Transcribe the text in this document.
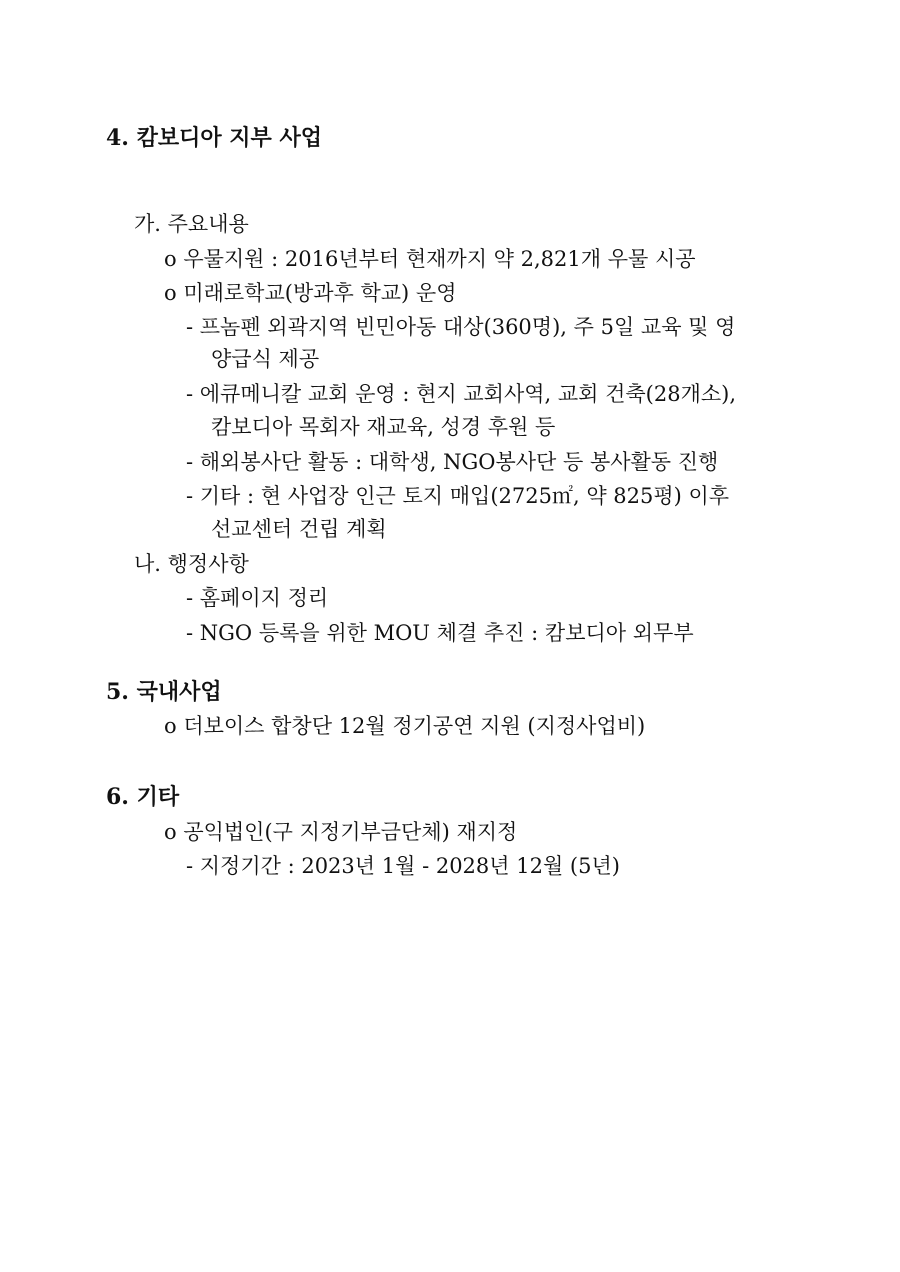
4. 캄보디아 지부 사업
가. 주요내용
o 우물지원 : 2016년부터 현재까지 약 2,821개 우물 시공
o 미래로학교(방과후 학교) 운영
- 프놈펜 외곽지역 빈민아동 대상(360명), 주 5일 교육 및 영
양급식 제공
- 에큐메니칼 교회 운영 : 현지 교회사역, 교회 건축(28개소),
캄보디아 목회자 재교육, 성경 후원 등
- 해외봉사단 활동 : 대학생, NGO봉사단 등 봉사활동 진행
- 기타 : 현 사업장 인근 토지 매입(2725㎡, 약 825평) 이후
선교센터 건립 계획
나. 행정사항
- 홈페이지 정리
- NGO 등록을 위한 MOU 체결 추진 : 캄보디아 외무부
5. 국내사업
o 더보이스 합창단 12월 정기공연 지원 (지정사업비)
6. 기타
o 공익법인(구 지정기부금단체) 재지정
- 지정기간 : 2023년 1월 - 2028년 12월 (5년)
